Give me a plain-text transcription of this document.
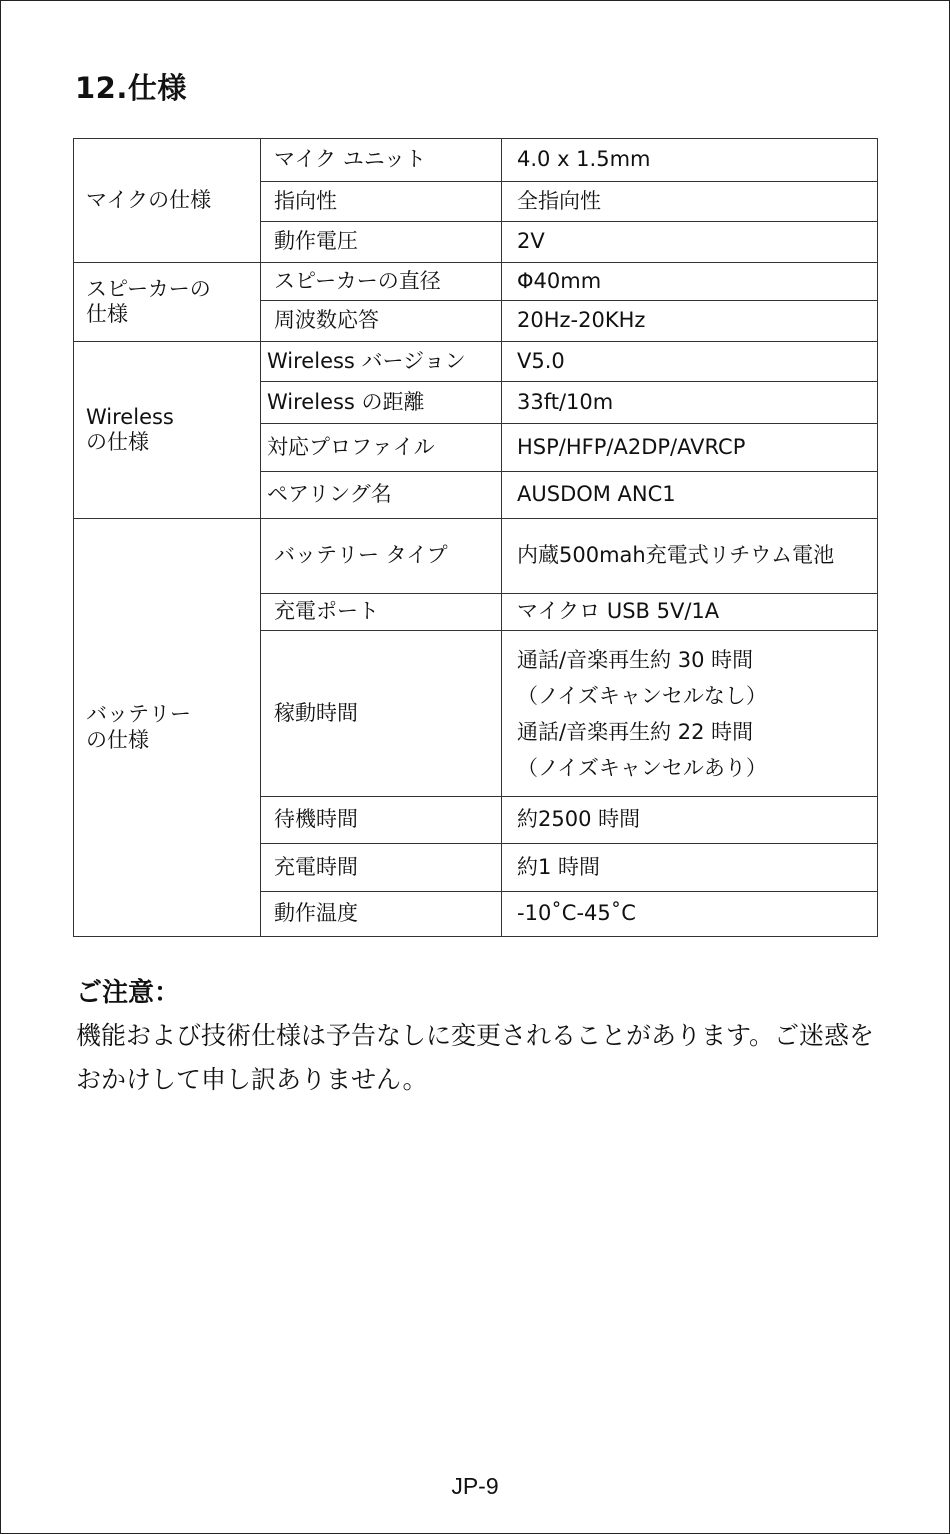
12.仕様
マイクの仕様	マイク ユニット	4.0 x 1.5mm
	指向性	全指向性
	動作電圧	2V

スピーカーの
仕様	スピーカーの直径	Φ40mm
	周波数応答	20Hz-20KHz

Wireless
の仕様	Wireless バージョン	V5.0
	Wireless の距離	33ft/10m
	対応プロファイル	HSP/HFP/A2DP/AVRCP
	ペアリング名	AUSDOM ANC1

バッテリー
の仕様	バッテリー タイプ	内蔵500mah充電式リチウム電池
	充電ポート	マイクロ USB 5V/1A
	稼動時間	通話/音楽再生約 30 時間
（ノイズキャンセルなし）
通話/音楽再生約 22 時間
（ノイズキャンセルあり）

	待機時間	約2500 時間
	充電時間	約1 時間
	動作温度	-10˚C-45˚C
ご注意：
機能および技術仕様は予告なしに変更されることがあります。ご迷惑をおかけして申し訳ありません。
JP-9
